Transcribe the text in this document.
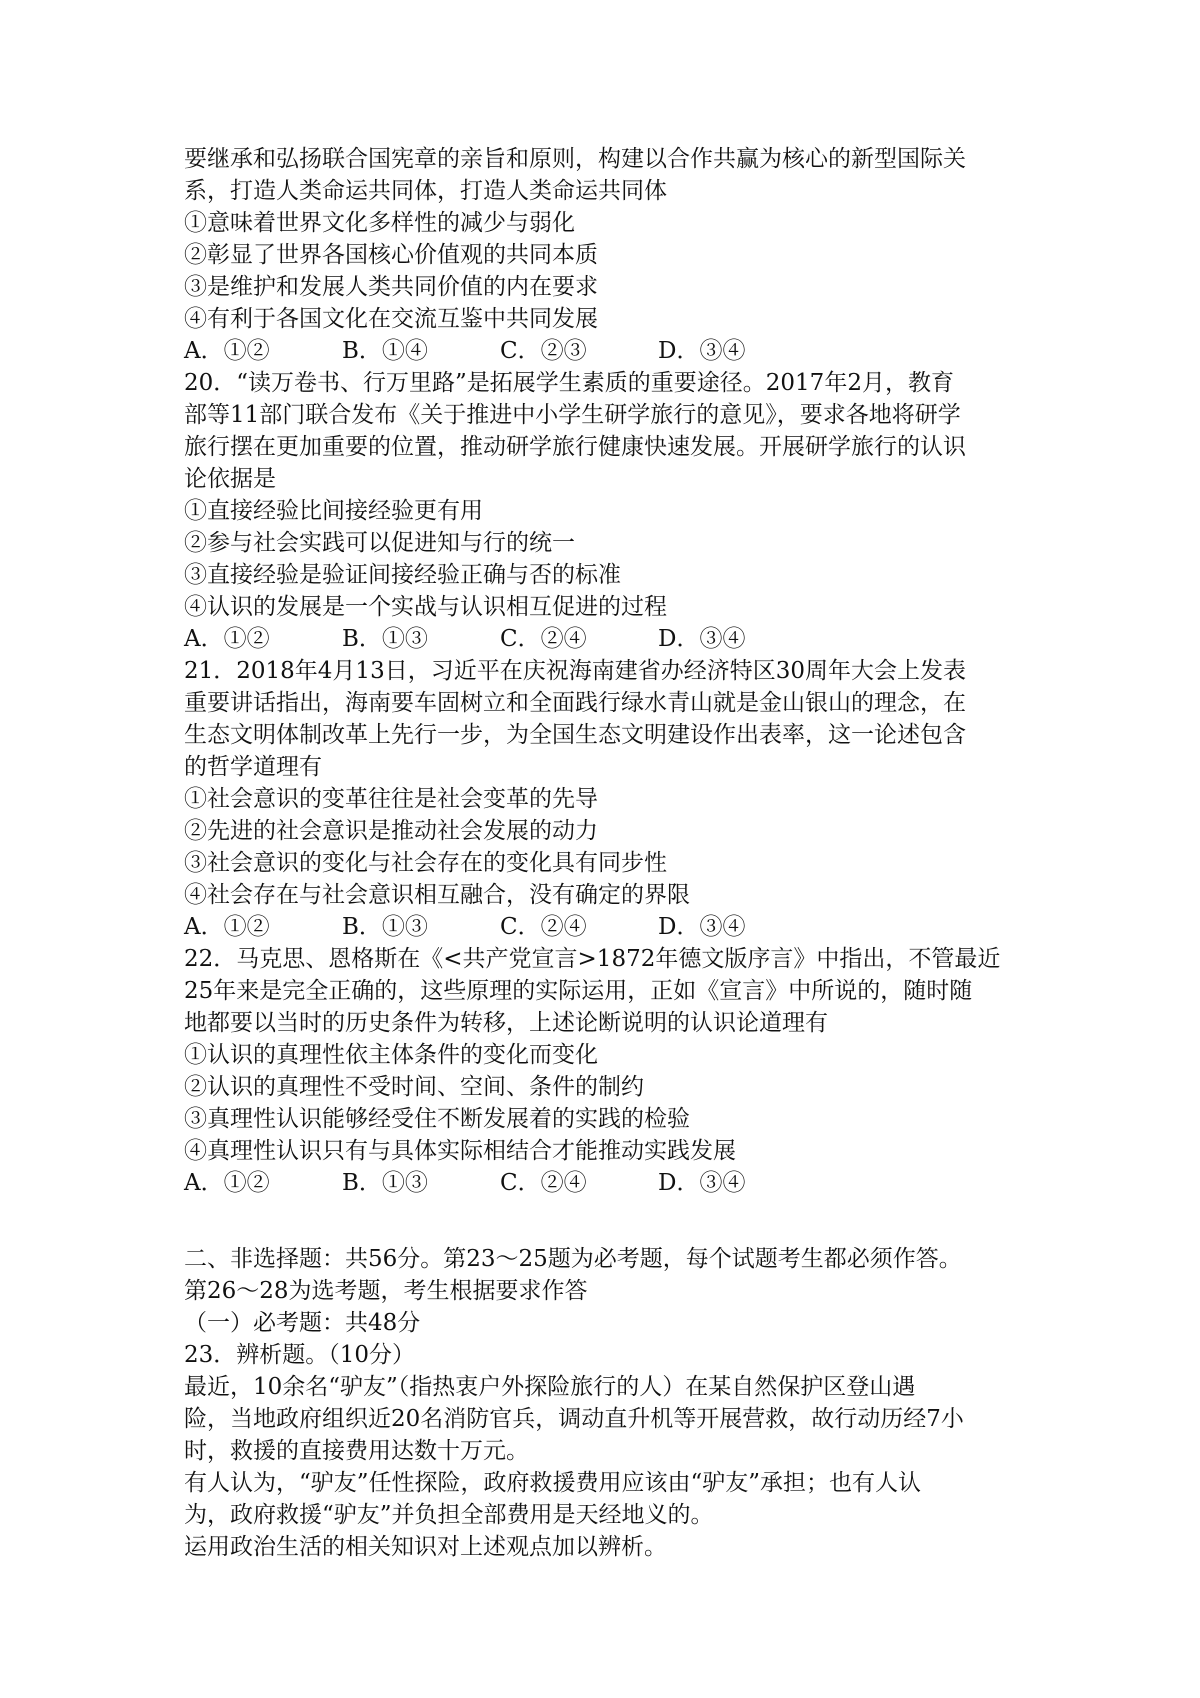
要继承和弘扬联合国宪章的亲旨和原则，构建以合作共赢为核心的新型国际关
系，打造人类命运共同体，打造人类命运共同体
①意味着世界文化多样性的减少与弱化
②彰显了世界各国核心价值观的共同本质
③是维护和发展人类共同价值的内在要求
④有利于各国文化在交流互鉴中共同发展
A．①②	B．①④	C．②③	D．③④
20．“读万卷书、行万里路”是拓展学生素质的重要途径。2017年2月，教育
部等11部门联合发布《关于推进中小学生研学旅行的意见》，要求各地将研学
旅行摆在更加重要的位置，推动研学旅行健康快速发展。开展研学旅行的认识
论依据是
①直接经验比间接经验更有用
②参与社会实践可以促进知与行的统一
③直接经验是验证间接经验正确与否的标准
④认识的发展是一个实战与认识相互促进的过程
A．①②	B．①③	C．②④	D．③④
21．2018年4月13日，习近平在庆祝海南建省办经济特区30周年大会上发表
重要讲话指出，海南要车固树立和全面践行绿水青山就是金山银山的理念，在
生态文明体制改革上先行一步，为全国生态文明建设作出表率，这一论述包含
的哲学道理有
①社会意识的变革往往是社会变革的先导
②先进的社会意识是推动社会发展的动力
③社会意识的变化与社会存在的变化具有同步性
④社会存在与社会意识相互融合，没有确定的界限
A．①②	B．①③	C．②④	D．③④
22．马克思、恩格斯在《<共产党宣言>1872年德文版序言》中指出，不管最近
25年来是完全正确的，这些原理的实际运用，正如《宣言》中所说的，随时随
地都要以当时的历史条件为转移，上述论断说明的认识论道理有
①认识的真理性依主体条件的变化而变化
②认识的真理性不受时间、空间、条件的制约
③真理性认识能够经受住不断发展着的实践的检验
④真理性认识只有与具体实际相结合才能推动实践发展
A．①②	B．①③	C．②④	D．③④
二、非选择题：共56分。第23～25题为必考题，每个试题考生都必须作答。
第26～28为选考题，考生根据要求作答
（一）必考题：共48分
23．辨析题。（10分）
最近，10余名“驴友”（指热衷户外探险旅行的人）在某自然保护区登山遇
险，当地政府组织近20名消防官兵，调动直升机等开展营救，故行动历经7小
时，救援的直接费用达数十万元。
有人认为，“驴友”任性探险，政府救援费用应该由“驴友”承担；也有人认
为，政府救援“驴友”并负担全部费用是天经地义的。
运用政治生活的相关知识对上述观点加以辨析。
